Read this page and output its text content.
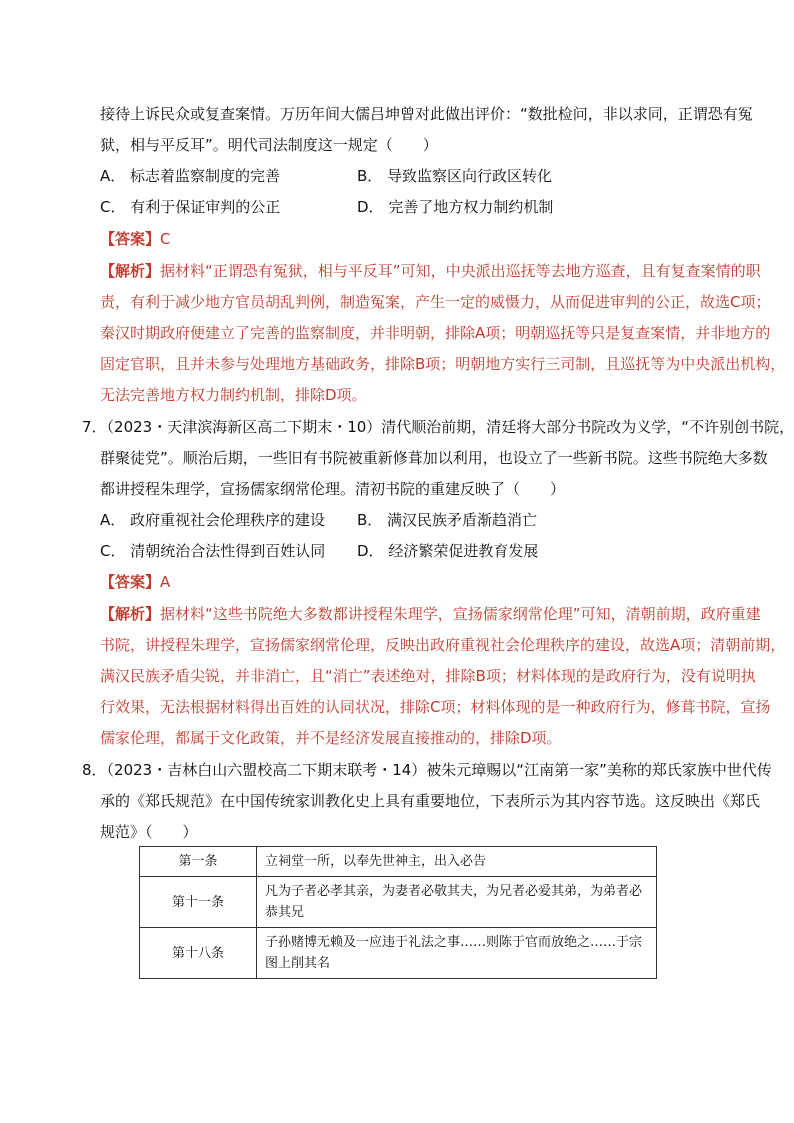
接待上诉民众或复查案情。万历年间大儒吕坤曾对此做出评价：“数批检问，非以求同，正谓恐有冤
狱，相与平反耳”。明代司法制度这一规定（　　）
A． 标志着监察制度的完善	B． 导致监察区向行政区转化
C． 有利于保证审判的公正	D． 完善了地方权力制约机制
【答案】C
【解析】据材料“正谓恐有冤狱，相与平反耳”可知，中央派出巡抚等去地方巡查，且有复查案情的职
责，有利于减少地方官员胡乱判例，制造冤案，产生一定的威慑力，从而促进审判的公正，故选C项；
秦汉时期政府便建立了完善的监察制度，并非明朝，排除A项；明朝巡抚等只是复查案情，并非地方的
固定官职，且并未参与处理地方基础政务，排除B项；明朝地方实行三司制，且巡抚等为中央派出机构，
无法完善地方权力制约机制，排除D项。
7．（2023・天津滨海新区高二下期末・10）清代顺治前期，清廷将大部分书院改为义学，“不许别创书院，
群聚徒党”。顺治后期，一些旧有书院被重新修葺加以利用，也设立了一些新书院。这些书院绝大多数
都讲授程朱理学，宣扬儒家纲常伦理。清初书院的重建反映了（　　）
A． 政府重视社会伦理秩序的建设 B． 满汉民族矛盾渐趋消亡
C． 清朝统治合法性得到百姓认同 D． 经济繁荣促进教育发展
【答案】A
【解析】据材料“这些书院绝大多数都讲授程朱理学，宣扬儒家纲常伦理”可知，清朝前期，政府重建
书院，讲授程朱理学，宣扬儒家纲常伦理，反映出政府重视社会伦理秩序的建设，故选A项；清朝前期，
满汉民族矛盾尖锐，并非消亡，且“消亡”表述绝对，排除B项；材料体现的是政府行为，没有说明执
行效果，无法根据材料得出百姓的认同状况，排除C项；材料体现的是一种政府行为，修葺书院，宣扬
儒家伦理，都属于文化政策，并不是经济发展直接推动的，排除D项。
8．（2023・吉林白山六盟校高二下期末联考・14）被朱元璋赐以“江南第一家”美称的郑氏家族中世代传
承的《郑氏规范》在中国传统家训教化史上具有重要地位，下表所示为其内容节选。这反映出《郑氏
规范》（　　）
第一条	立祠堂一所，以奉先世神主，出入必告
第十一条	凡为子者必孝其亲，为妻者必敬其夫，为兄者必爱其弟，为弟者必恭其兄
第十八条	子孙赌博无赖及一应违于礼法之事……则陈于官而放绝之……于宗图上削其名
